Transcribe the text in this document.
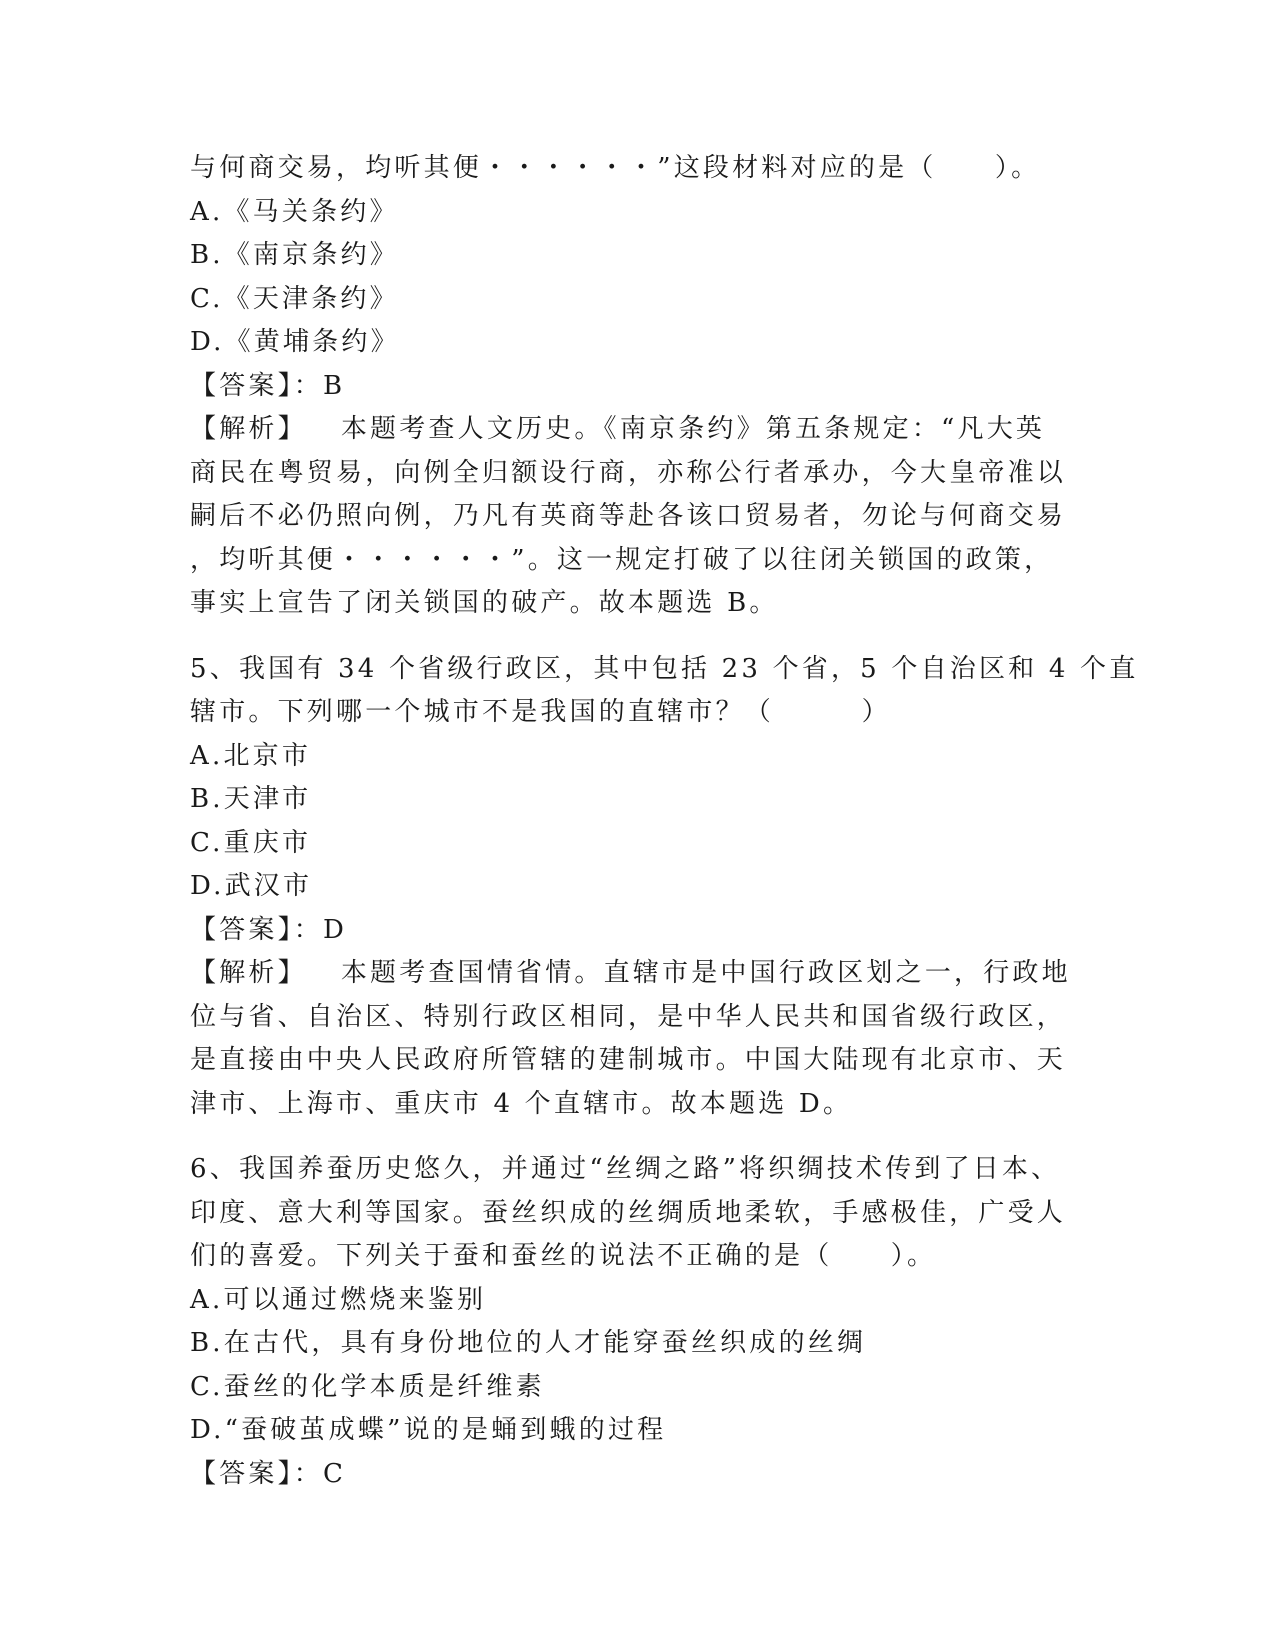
与何商交易，均听其便・・・・・・”这段材料对应的是（　　）。
A.《马关条约》
B.《南京条约》
C.《天津条约》
D.《黄埔条约》
【答案】：B
【解析】 本题考查人文历史。《南京条约》第五条规定：“凡大英
商民在粤贸易，向例全归额设行商，亦称公行者承办，今大皇帝准以
嗣后不必仍照向例，乃凡有英商等赴各该口贸易者，勿论与何商交易
，均听其便・・・・・・”。这一规定打破了以往闭关锁国的政策，
事实上宣告了闭关锁国的破产。故本题选 B。
5、我国有 34 个省级行政区，其中包括 23 个省，5 个自治区和 4 个直
辖市。下列哪一个城市不是我国的直辖市？（　　　）
A.北京市
B.天津市
C.重庆市
D.武汉市
【答案】：D
【解析】 本题考查国情省情。直辖市是中国行政区划之一，行政地
位与省、自治区、特别行政区相同，是中华人民共和国省级行政区，
是直接由中央人民政府所管辖的建制城市。中国大陆现有北京市、天
津市、上海市、重庆市 4 个直辖市。故本题选 D。
6、我国养蚕历史悠久，并通过“丝绸之路”将织绸技术传到了日本、
印度、意大利等国家。蚕丝织成的丝绸质地柔软，手感极佳，广受人
们的喜爱。下列关于蚕和蚕丝的说法不正确的是（　　）。
A.可以通过燃烧来鉴别
B.在古代，具有身份地位的人才能穿蚕丝织成的丝绸
C.蚕丝的化学本质是纤维素
D.“蚕破茧成蝶”说的是蛹到蛾的过程
【答案】：C
